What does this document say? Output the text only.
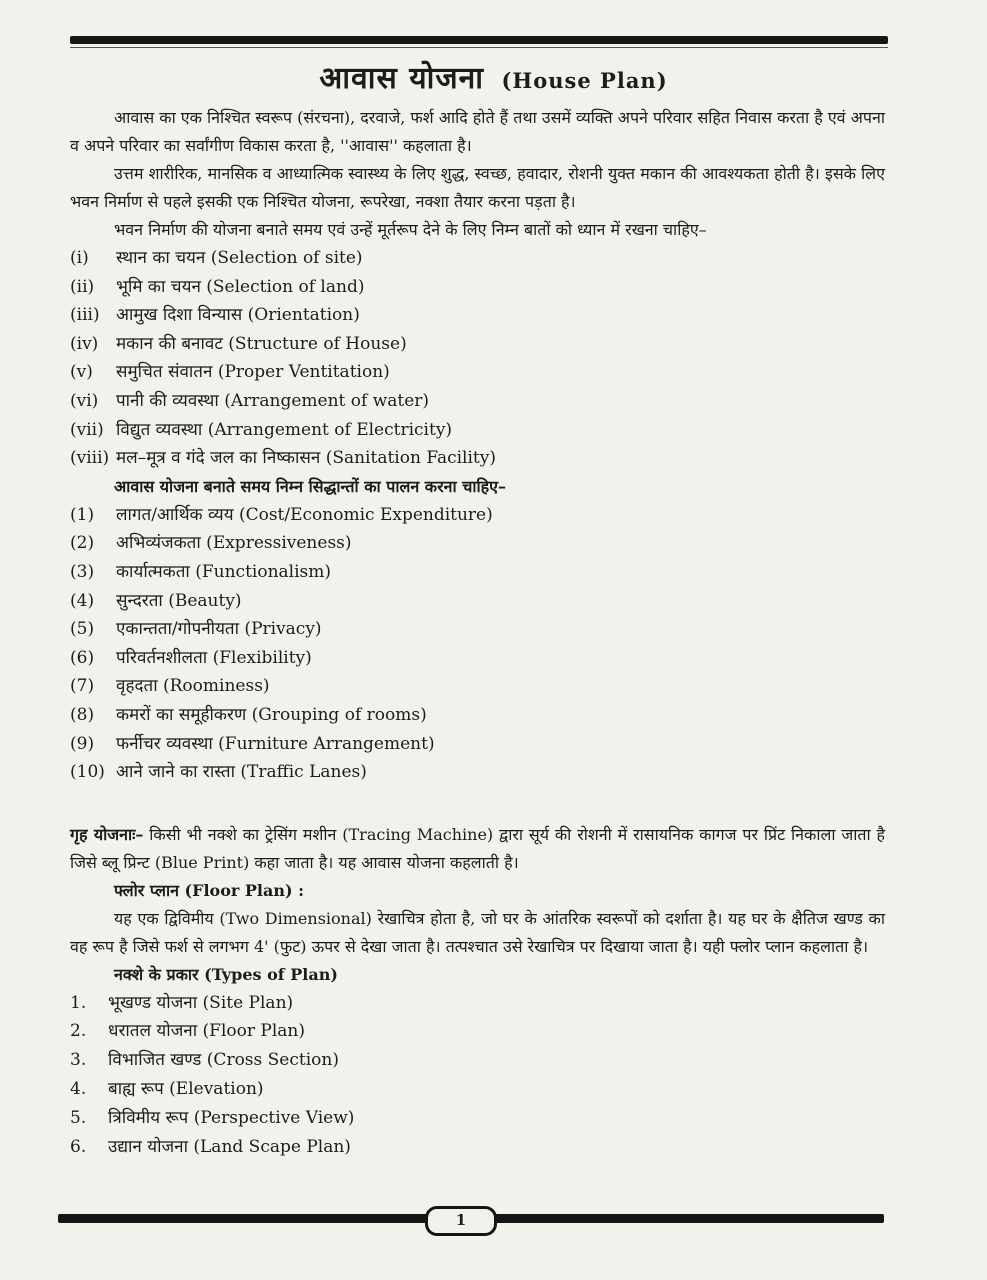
आवास योजना (House Plan)

आवास का एक निश्चित स्वरूप (संरचना), दरवाजे, फर्श आदि होते हैं तथा उसमें व्यक्ति अपने परिवार सहित निवास करता है एवं अपना व अपने परिवार का सर्वांगीण विकास करता है, ''आवास'' कहलाता है।

उत्तम शारीरिक, मानसिक व आध्यात्मिक स्वास्थ्य के लिए शुद्ध, स्वच्छ, हवादार, रोशनी युक्त मकान की आवश्यकता होती है। इसके लिए भवन निर्माण से पहले इसकी एक निश्चित योजना, रूपरेखा, नक्शा तैयार करना पड़ता है।

भवन निर्माण की योजना बनाते समय एवं उन्हें मूर्तरूप देने के लिए निम्न बातों को ध्यान में रखना चाहिए–

(i)	स्थान का चयन (Selection of site)
(ii)	भूमि का चयन (Selection of land)
(iii) आमुख दिशा विन्यास (Orientation)
(iv)	मकान की बनावट (Structure of House)
(v)	समुचित संवातन (Proper Ventitation)
(vi)	पानी की व्यवस्था (Arrangement of water)
(vii) विद्युत व्यवस्था (Arrangement of Electricity)
(viii) मल–मूत्र व गंदे जल का निष्कासन (Sanitation Facility)

आवास योजना बनाते समय निम्न सिद्धान्तों का पालन करना चाहिए–

(1)	लागत/आर्थिक व्यय (Cost/Economic Expenditure)
(2)	अभिव्यंजकता (Expressiveness)
(3)	कार्यात्मकता (Functionalism)
(4)	सुन्दरता (Beauty)
(5)	एकान्तता/गोपनीयता (Privacy)
(6)	परिवर्तनशीलता (Flexibility)
(7)	वृहदता (Roominess)
(8)	कमरों का समूहीकरण (Grouping of rooms)
(9)	फर्नीचर व्यवस्था (Furniture Arrangement)
(10) आने जाने का रास्ता (Traffic Lanes)

गृह योजनाः– किसी भी नक्शे का ट्रेसिंग मशीन (Tracing Machine) द्वारा सूर्य की रोशनी में रासायनिक कागज पर प्रिंट निकाला जाता है जिसे ब्लू प्रिन्ट (Blue Print) कहा जाता है। यह आवास योजना कहलाती है।

फ्लोर प्लान (Floor Plan) :

यह एक द्विविमीय (Two Dimensional) रेखाचित्र होता है, जो घर के आंतरिक स्वरूपों को दर्शाता है। यह घर के क्षैतिज खण्ड का वह रूप है जिसे फर्श से लगभग 4' (फुट) ऊपर से देखा जाता है। तत्पश्चात उसे रेखाचित्र पर दिखाया जाता है। यही फ्लोर प्लान कहलाता है।

नक्शे के प्रकार (Types of Plan)

1.	भूखण्ड योजना (Site Plan)
2.	धरातल योजना (Floor Plan)
3.	विभाजित खण्ड (Cross Section)
4.	बाह्य रूप (Elevation)
5.	त्रिविमीय रूप (Perspective View)
6.	उद्यान योजना (Land Scape Plan)
1
